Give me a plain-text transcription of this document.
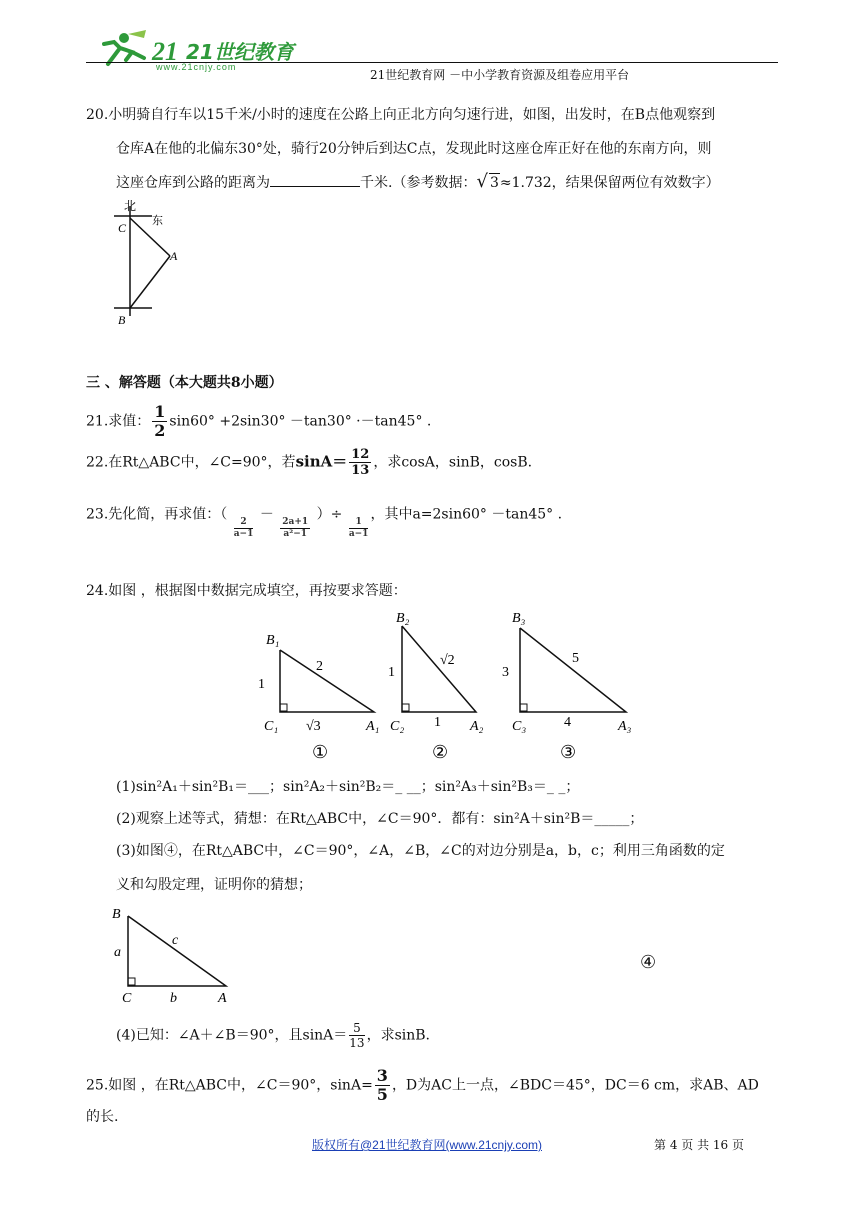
21 21世纪教育
www.21cnjy.com
21世纪教育网 －中小学教育资源及组卷应用平台
20.小明骑自行车以15千米/小时的速度在公路上向正北方向匀速行进，如图，出发时，在B点他观察到
仓库A在他的北偏东30°处，骑行20分钟后到达C点，发现此时这座仓库正好在他的东南方向，则
这座仓库到公路的距离为	千米.（参考数据：√ 3≈1.732，结果保留两位有效数字）
北
东
C
A
B
三 、解答题（本大题共8小题）
21.求值： $\frac{1}{2} \sin 60^\circ +2\sin 30^\circ -\tan 30^\circ \cdot-\tan 45^\circ$ .
22.在Rt△ABC中，∠C=90°，若$\sin A= \frac{12}{13}$ ，求cosA，sinB，cosB.
23.先化简，再求值：（
$\frac{2}{a-1}$
－
$\frac{2a+1}{\text{a²−1}}$
）÷
$\frac{1}{a-1}$
，其中a=2sin60° －tan45° .
24.如图 ，根据图中数据完成填空，再按要求答题：
B₁
1
2
C₁ √3	A₁
①
B₂
1
√2
C₂ 1 A₂
②
B₃
3
5
C₃	4	A₃
③
(1)sin²A₁＋sin²B₁＝___；sin²A₂＋sin²B₂＝_ __；sin²A₃＋sin²B₃＝_ _；
(2)观察上述等式，猜想：在Rt△ABC中，∠C＝90°．都有：sin²A＋sin²B＝_____；
(3)如图④，在Rt△ABC中，∠C＝90°，∠A，∠B，∠C的对边分别是a，b，c；利用三角函数的定
义和勾股定理，证明你的猜想；
B
a
c
C	b	A
④
(4)已知：∠A＋∠B＝90°，且$\sin A= \frac{5}{13}$ ，求sinB.
25.如图 ，在Rt△ABC中，∠C＝90°，$\sin A= \frac{3}{5}$ ，D为AC上一点，∠BDC＝45°，DC＝6 cm，求AB、AD
的长.
版权所有@21世纪教育网(www.21cnjy.com)	第 4 页 共 16 页
